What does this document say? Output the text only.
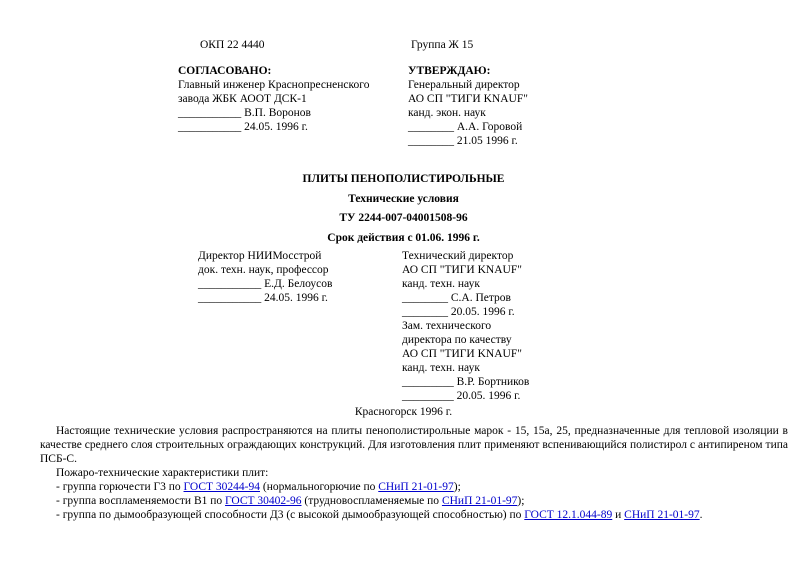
ОКП 22 4440	Группа Ж 15
СОГЛАСОВАНО:
Главный инженер Краснопресненского
завода ЖБК АООТ ДСК-1
___________ В.П. Воронов
___________ 24.05. 1996 г.
УТВЕРЖДАЮ:
Генеральный директор
АО СП "ТИГИ KNAUF"
канд. экон. наук
________ А.А. Горовой
________ 21.05 1996 г.
ПЛИТЫ ПЕНОПОЛИСТИРОЛЬНЫЕ
Технические условия
ТУ 2244-007-04001508-96
Срок действия с 01.06. 1996 г.
Директор НИИМосстрой
док. техн. наук, профессор
___________ Е.Д. Белоусов
___________ 24.05. 1996 г.
Технический директор
АО СП "ТИГИ KNAUF"
канд. техн. наук
________ С.А. Петров
________ 20.05. 1996 г.
Зам. технического
директора по качеству
АО СП "ТИГИ KNAUF"
канд. техн. наук
_________ В.Р. Бортников
_________ 20.05. 1996 г.
Красногорск 1996 г.
Настоящие технические условия распространяются на плиты пенополистирольные марок - 15, 15а, 25, предназначенные для тепловой изоляции в качестве среднего слоя строительных ограждающих конструкций. Для изготовления плит применяют вспенивающийся полистирол с антипиреном типа ПСБ-С.
Пожаро-технические характеристики плит:
- группа горючести Г3 по ГОСТ 30244-94 (нормальногорючие по СНиП 21-01-97);
- группа воспламеняемости В1 по ГОСТ 30402-96 (трудновоспламеняемые по СНиП 21-01-97);
- группа по дымообразующей способности Д3 (с высокой дымообразующей способностью) по ГОСТ 12.1.044-89 и СНиП 21-01-97.
